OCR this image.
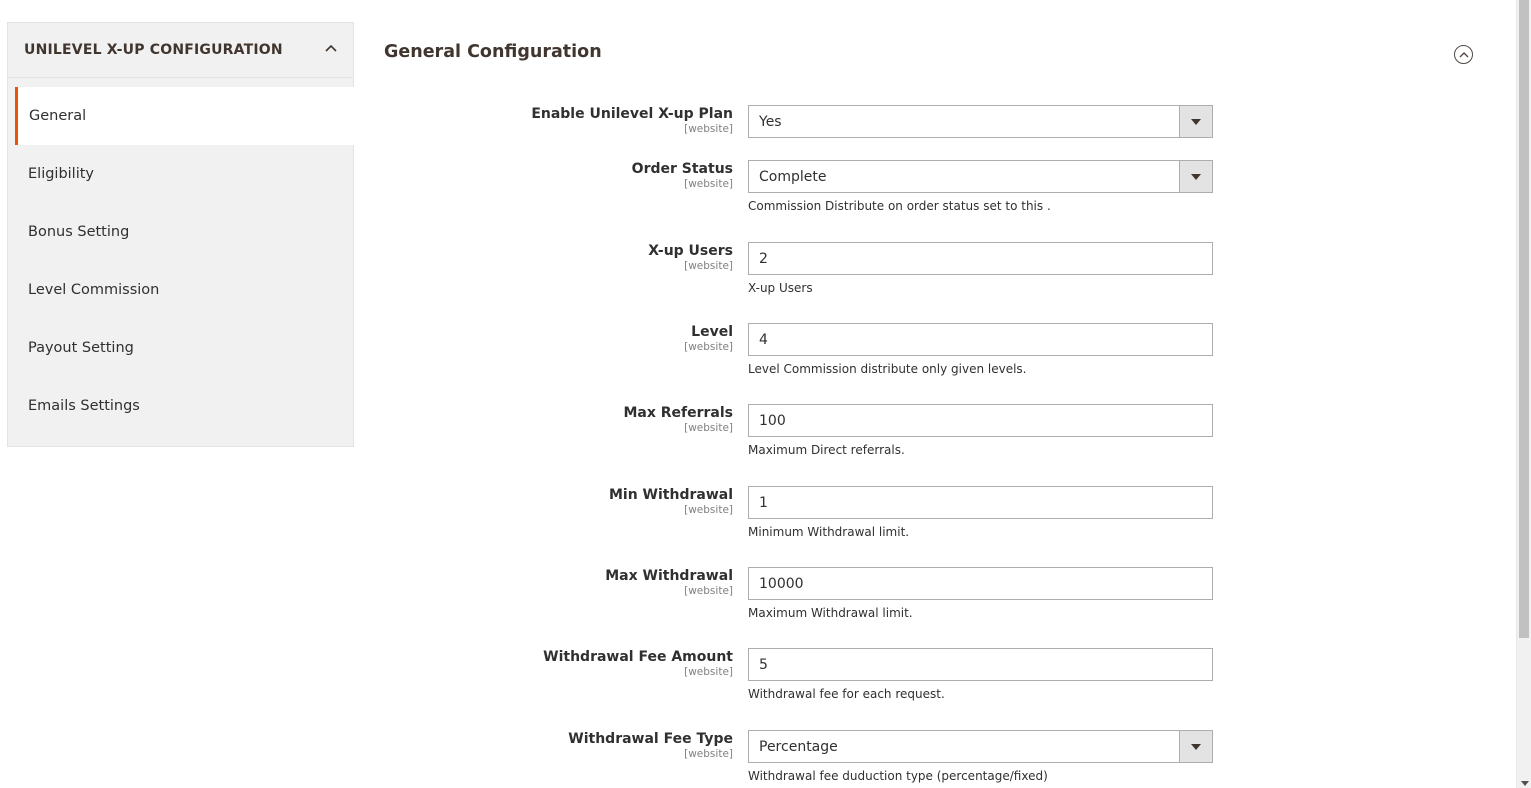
UNILEVEL X-UP CONFIGURATION
General
Eligibility
Bonus Setting
Level Commission
Payout Setting
Emails Settings
General Configuration
Enable Unilevel X-up Plan
[website] Yes
Order Status
[website] Complete
Commission Distribute on order status set to this .
X-up Users
[website] 2
X-up Users
Level
[website] 4
Level Commission distribute only given levels.
Max Referrals
[website] 100
Maximum Direct referrals.
Min Withdrawal
[website] 1
Minimum Withdrawal limit.
Max Withdrawal
[website] 10000
Maximum Withdrawal limit.
Withdrawal Fee Amount
[website] 5
Withdrawal fee for each request.
Withdrawal Fee Type
[website] Percentage
Withdrawal fee duduction type (percentage/fixed)
